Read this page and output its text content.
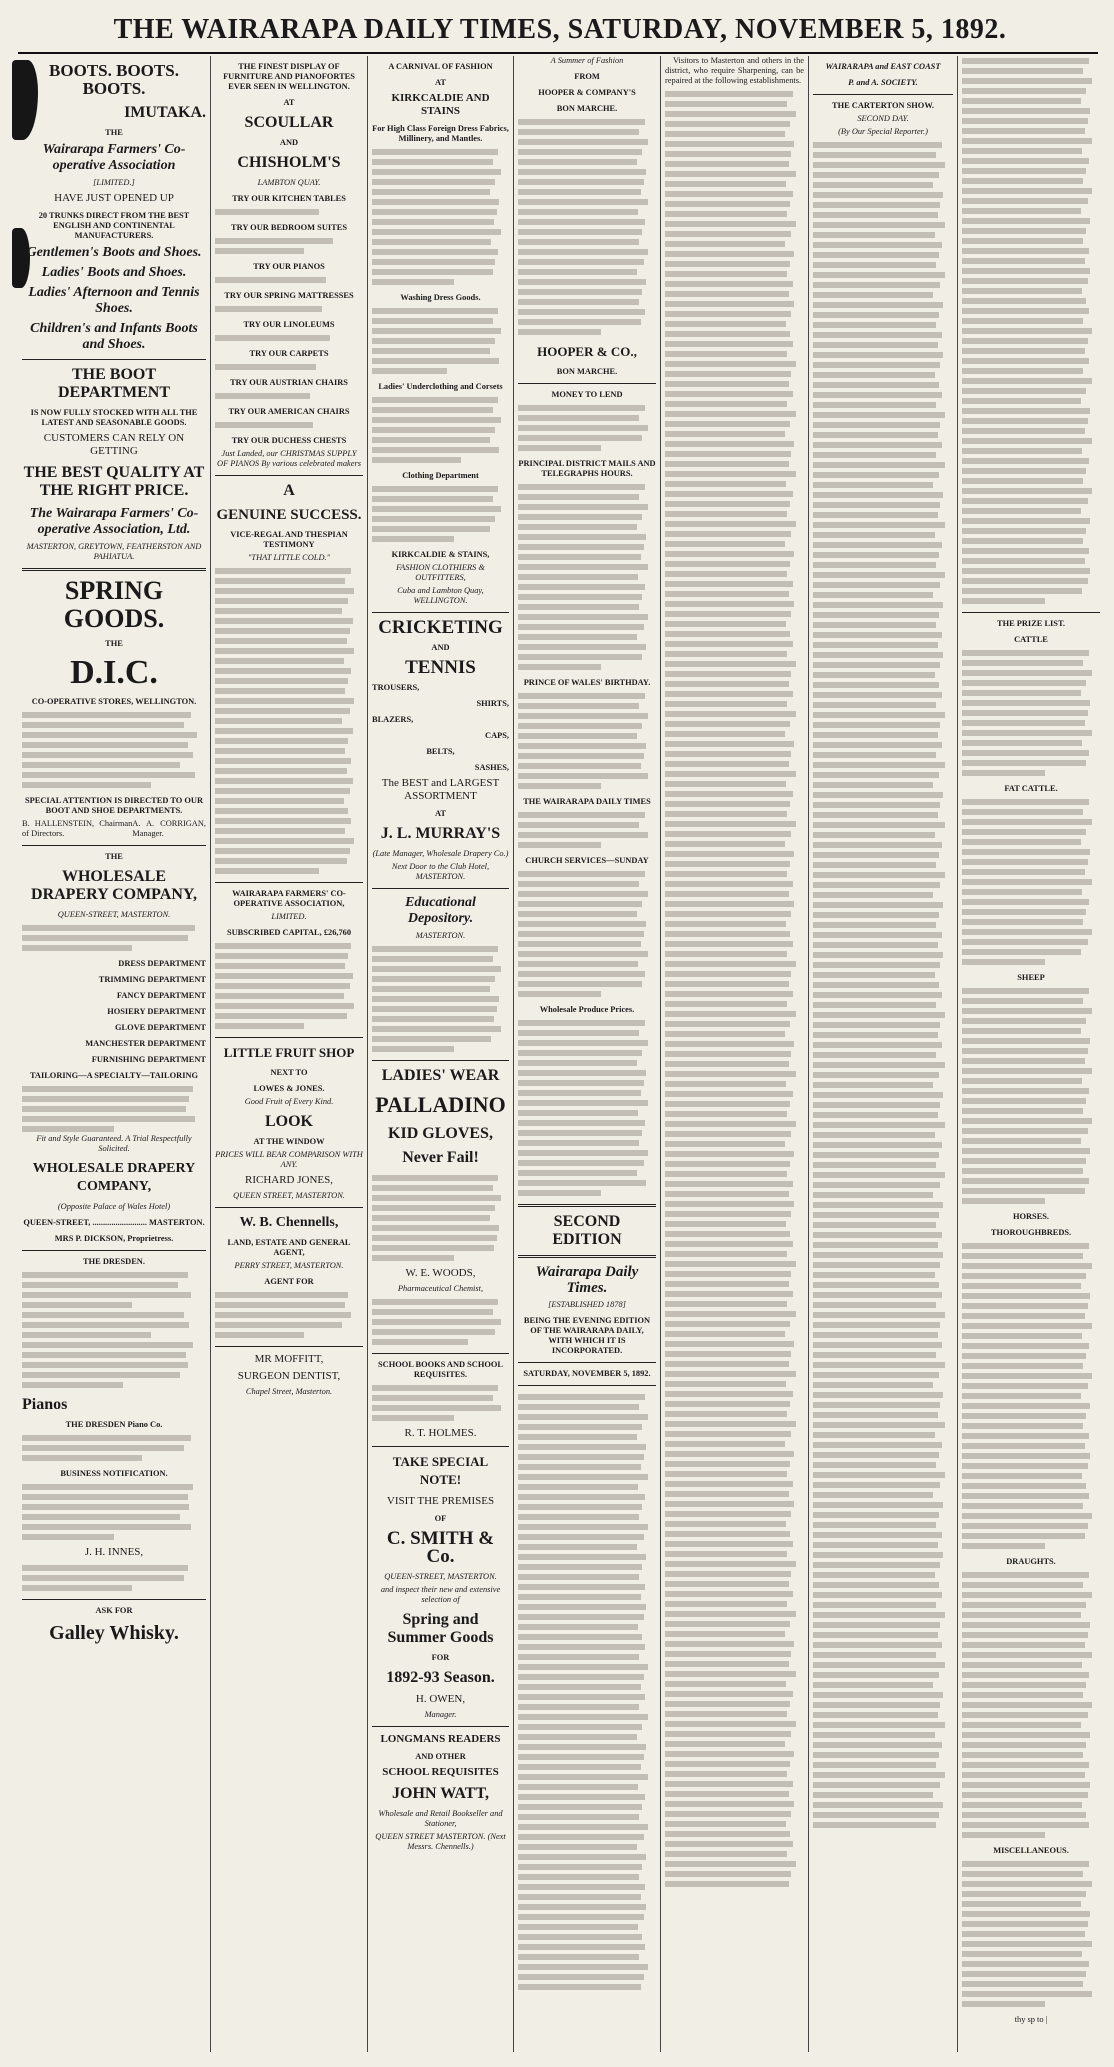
THE WAIRARAPA DAILY TIMES, SATURDAY, NOVEMBER 5, 1892.
BOOTS. BOOTS. BOOTS.
IMUTAKA.
THE
Wairarapa Farmers' Co-operative Association
[LIMITED.]
HAVE JUST OPENED UP
20 TRUNKS DIRECT FROM THE BEST ENGLISH AND CONTINENTAL MANUFACTURERS.
Gentlemen's Boots and Shoes.
Ladies' Boots and Shoes.
Ladies' Afternoon and Tennis Shoes.
Children's and Infants Boots and Shoes.
THE BOOT DEPARTMENT
IS NOW FULLY STOCKED WITH ALL THE LATEST AND SEASONABLE GOODS.
CUSTOMERS CAN RELY ON GETTING
THE BEST QUALITY AT THE RIGHT PRICE.
The Wairarapa Farmers' Co-operative Association, Ltd.
MASTERTON, GREYTOWN, FEATHERSTON AND PAHIATUA.
SPRING GOODS.
THE
D.I.C.
CO-OPERATIVE STORES, WELLINGTON.
SPECIAL ATTENTION IS DIRECTED TO OUR BOOT AND SHOE DEPARTMENTS.
B. HALLENSTEIN, Chairman of Directors.
A. A. CORRIGAN, Manager.
THE
WHOLESALE DRAPERY COMPANY,
QUEEN-STREET, MASTERTON.
DRESS DEPARTMENT
TRIMMING DEPARTMENT
FANCY DEPARTMENT
HOSIERY DEPARTMENT
GLOVE DEPARTMENT
MANCHESTER DEPARTMENT
FURNISHING DEPARTMENT
TAILORING—A SPECIALTY—TAILORING
Fit and Style Guaranteed. A Trial Respectfully Solicited.
WHOLESALE DRAPERY COMPANY,
(Opposite Palace of Wales Hotel)
QUEEN-STREET, .......................... MASTERTON.
MRS P. DICKSON, Proprietress.
THE DRESDEN.
Pianos
THE DRESDEN Piano Co.
BUSINESS NOTIFICATION.
J. H. INNES,
ASK FOR
Galley Whisky.
THE FINEST DISPLAY OF FURNITURE AND PIANOFORTES EVER SEEN IN WELLINGTON.
AT
SCOULLAR
AND
CHISHOLM'S
LAMBTON QUAY.
TRY OUR KITCHEN TABLES
TRY OUR BEDROOM SUITES
TRY OUR PIANOS
TRY OUR SPRING MATTRESSES
TRY OUR LINOLEUMS
TRY OUR CARPETS
TRY OUR AUSTRIAN CHAIRS
TRY OUR AMERICAN CHAIRS
TRY OUR DUCHESS CHESTS
Just Landed, our CHRISTMAS SUPPLY OF PIANOS By various celebrated makers
A
GENUINE SUCCESS.
VICE-REGAL AND THESPIAN TESTIMONY
"THAT LITTLE COLD."
WAIRARAPA FARMERS' CO-OPERATIVE ASSOCIATION,
LIMITED.
SUBSCRIBED CAPITAL, £26,760
LITTLE FRUIT SHOP
NEXT TO
LOWES & JONES.
Good Fruit of Every Kind.
LOOK
AT THE WINDOW
PRICES WILL BEAR COMPARISON WITH ANY.
RICHARD JONES,
QUEEN STREET, MASTERTON.
W. B. Chennells,
LAND, ESTATE AND GENERAL AGENT,
PERRY STREET, MASTERTON.
AGENT FOR
MR MOFFITT,
SURGEON DENTIST,
Chapel Street, Masterton.
A CARNIVAL OF FASHION
AT
KIRKCALDIE AND STAINS
For High Class Foreign Dress Fabrics, Millinery, and Mantles.
Washing Dress Goods.
Ladies' Underclothing and Corsets
Clothing Department
KIRKCALDIE & STAINS,
FASHION CLOTHIERS & OUTFITTERS,
Cuba and Lambton Quay, WELLINGTON.
CRICKETING
AND
TENNIS
TROUSERS,
SHIRTS,
BLAZERS,
CAPS,
BELTS,
SASHES,
The BEST and LARGEST ASSORTMENT
AT
J. L. MURRAY'S
(Late Manager, Wholesale Drapery Co.)
Next Door to the Club Hotel, MASTERTON.
Educational Depository.
MASTERTON.
LADIES' WEAR
PALLADINO
KID GLOVES,
Never Fail!
W. E. WOODS,
Pharmaceutical Chemist,
SCHOOL BOOKS AND SCHOOL REQUISITES.
R. T. HOLMES.
TAKE SPECIAL NOTE!
VISIT THE PREMISES
OF
C. SMITH & Co.
QUEEN-STREET, MASTERTON.
and inspect their new and extensive selection of
Spring and Summer Goods
FOR
1892-93 Season.
H. OWEN,
Manager.
LONGMANS READERS
AND OTHER
SCHOOL REQUISITES
JOHN WATT,
Wholesale and Retail Bookseller and Stationer,
QUEEN STREET MASTERTON. (Next Messrs. Chennells.)
A Summer of Fashion
FROM
HOOPER & COMPANY'S
BON MARCHE.
HOOPER & CO.,
BON MARCHE.
MONEY TO LEND
PRINCIPAL DISTRICT MAILS AND TELEGRAPHS HOURS.
PRINCE OF WALES' BIRTHDAY.
THE WAIRARAPA DAILY TIMES
CHURCH SERVICES—SUNDAY
Wholesale Produce Prices.
SECOND EDITION
Wairarapa Daily Times.
[ESTABLISHED 1878]
BEING THE EVENING EDITION OF THE WAIRARAPA DAILY, WITH WHICH IT IS INCORPORATED.
SATURDAY, NOVEMBER 5, 1892.

Visitors to Masterton and others in the district, who require Sharpening, can be repaired at the following establishments.

WAIRARAPA and EAST COAST
P. and A. SOCIETY.
THE CARTERTON SHOW.
SECOND DAY.
(By Our Special Reporter.)
THE PRIZE LIST.
CATTLE
FAT CATTLE.
SHEEP
HORSES.
THOROUGHBREDS.
DRAUGHTS.
MISCELLANEOUS.
thy sp to |
